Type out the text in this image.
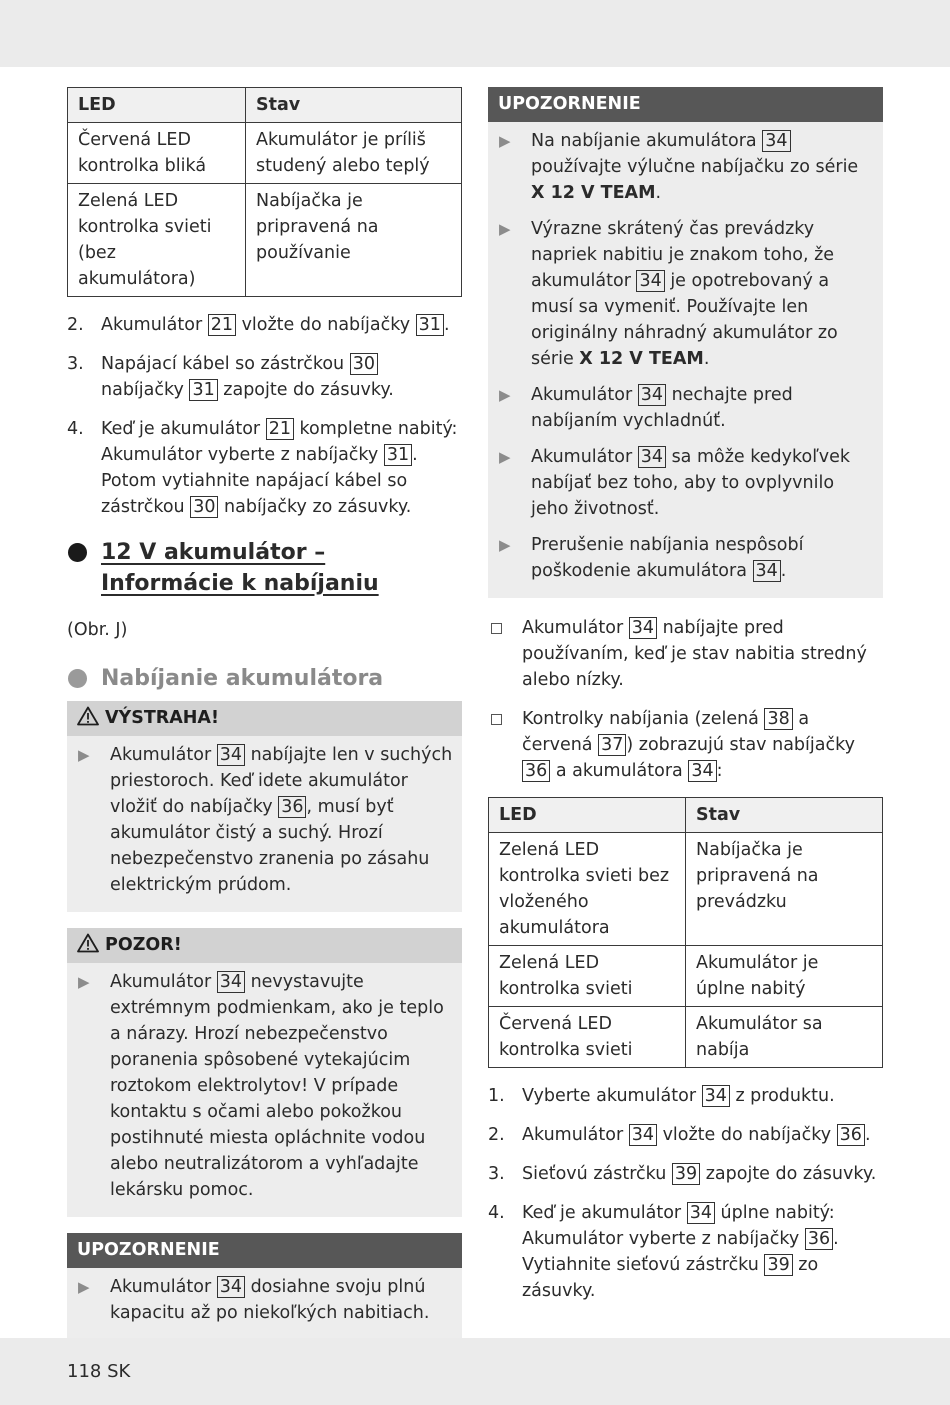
LED	Stav
Červená LED kontrolka bliká	Akumulátor je príliš studený alebo teplý
Zelená LED kontrolka svieti (bez akumulátora)	Nabíjačka je pripravená na používanie
2. Akumulátor 21 vložte do nabíjačky 31 .
3. Napájací kábel so zástrčkou 30 nabíjačky 31 zapojte do zásuvky.
4. Keď je akumulátor 21 kompletne nabitý: Akumulátor vyberte z nabíjačky 31 . Potom vytiahnite napájací kábel so zástrčkou 30 nabíjačky zo zásuvky.
12 V akumulátor –
Informácie k nabíjaniu
(Obr. J)
Nabíjanie akumulátora
VÝSTRAHA!
▶ Akumulátor 34 nabíjajte len v suchých priestoroch. Keď idete akumulátor vložiť do nabíjačky 36 , musí byť akumulátor čistý a suchý. Hrozí nebezpečenstvo zranenia po zásahu elektrickým prúdom.
POZOR!
▶ Akumulátor 34 nevystavujte extrémnym podmienkam, ako je teplo a nárazy. Hrozí nebezpečenstvo poranenia spôsobené vytekajúcim roztokom elektrolytov! V prípade kontaktu s očami alebo pokožkou postihnuté miesta opláchnite vodou alebo neutralizátorom a vyhľadajte lekársku pomoc.
UPOZORNENIE
▶ Akumulátor 34 dosiahne svoju plnú kapacitu až po niekoľkých nabitiach.
UPOZORNENIE
▶ Na nabíjanie akumulátora 34 používajte výlučne nabíjačku zo série X 12 V TEAM.
▶ Výrazne skrátený čas prevádzky napriek nabitiu je znakom toho, že akumulátor 34 je opotrebovaný a musí sa vymeniť. Používajte len originálny náhradný akumulátor zo série X 12 V TEAM.
▶ Akumulátor 34 nechajte pred nabíjaním vychladnúť.
▶ Akumulátor 34 sa môže kedykoľvek nabíjať bez toho, aby to ovplyvnilo jeho životnosť.
▶ Prerušenie nabíjania nespôsobí poškodenie akumulátora 34 .
Akumulátor 34 nabíjajte pred používaním, keď je stav nabitia stredný alebo nízky.
Kontrolky nabíjania (zelená 38 a červená 37 ) zobrazujú stav nabíjačky 36 a akumulátora 34 :
LED	Stav
Zelená LED kontrolka svieti bez vloženého akumulátora	Nabíjačka je pripravená na prevádzku
Zelená LED kontrolka svieti	Akumulátor je úplne nabitý
Červená LED kontrolka svieti	Akumulátor sa nabíja
1. Vyberte akumulátor 34 z produktu.
2. Akumulátor 34 vložte do nabíjačky 36 .
3. Sieťovú zástrčku 39 zapojte do zásuvky.
4. Keď je akumulátor 34 úplne nabitý: Akumulátor vyberte z nabíjačky 36 . Vytiahnite sieťovú zástrčku 39 zo zásuvky.
118 SK
